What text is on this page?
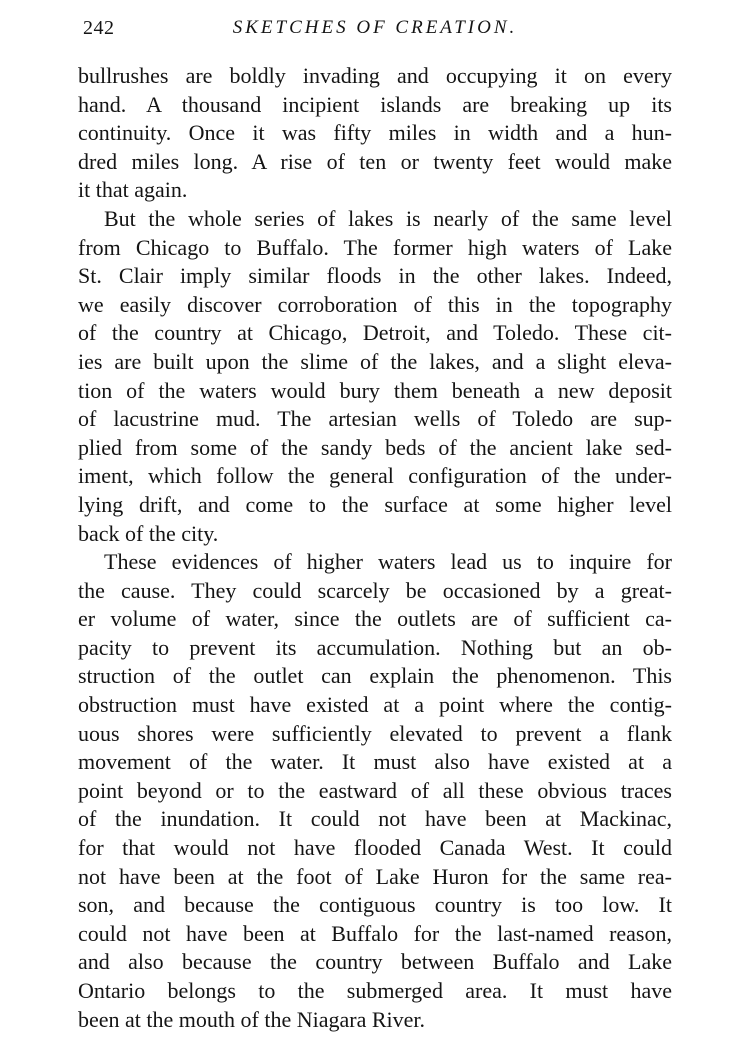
242	SKETCHES OF CREATION.
bullrushes are boldly invading and occupying it on every
hand. A thousand incipient islands are breaking up its
continuity. Once it was fifty miles in width and a hun-
dred miles long. A rise of ten or twenty feet would make
it that again.
But the whole series of lakes is nearly of the same level
from Chicago to Buffalo. The former high waters of Lake
St. Clair imply similar floods in the other lakes. Indeed,
we easily discover corroboration of this in the topography
of the country at Chicago, Detroit, and Toledo. These cit-
ies are built upon the slime of the lakes, and a slight eleva-
tion of the waters would bury them beneath a new deposit
of lacustrine mud. The artesian wells of Toledo are sup-
plied from some of the sandy beds of the ancient lake sed-
iment, which follow the general configuration of the under-
lying drift, and come to the surface at some higher level
back of the city.
These evidences of higher waters lead us to inquire for
the cause. They could scarcely be occasioned by a great-
er volume of water, since the outlets are of sufficient ca-
pacity to prevent its accumulation. Nothing but an ob-
struction of the outlet can explain the phenomenon. This
obstruction must have existed at a point where the contig-
uous shores were sufficiently elevated to prevent a flank
movement of the water. It must also have existed at a
point beyond or to the eastward of all these obvious traces
of the inundation. It could not have been at Mackinac,
for that would not have flooded Canada West. It could
not have been at the foot of Lake Huron for the same rea-
son, and because the contiguous country is too low. It
could not have been at Buffalo for the last-named reason,
and also because the country between Buffalo and Lake
Ontario belongs to the submerged area. It must have
been at the mouth of the Niagara River.
